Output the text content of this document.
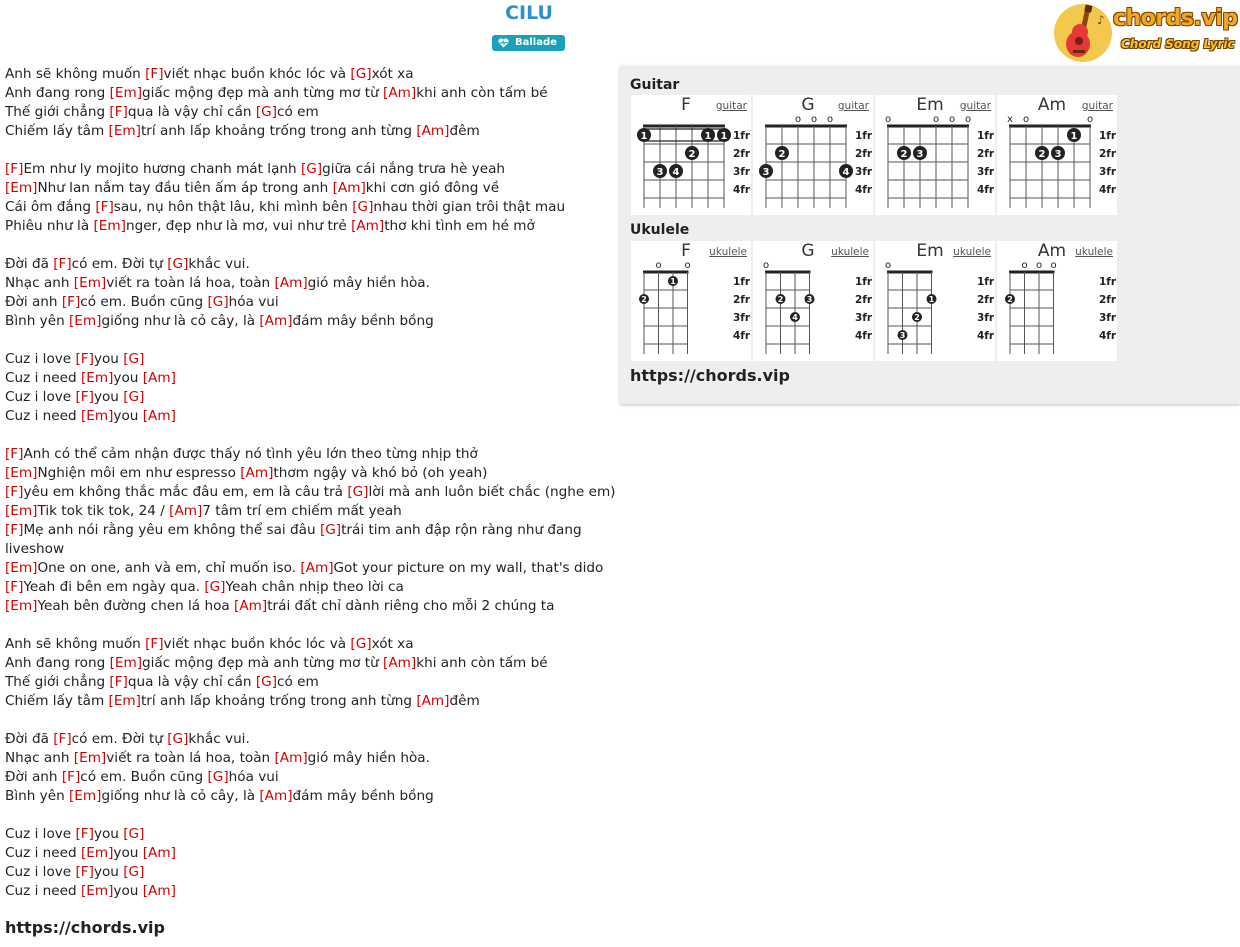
CILU
Ballade
♪ chords.vip
Chord Song Lyric
Anh sẽ không muốn [F]viết nhạc buồn khóc lóc và [G]xót xa
Anh đang rong [Em]giấc mộng đẹp mà anh từng mơ từ [Am]khi anh còn tấm bé
Thế giới chẳng [F]qua là vậy chỉ cần [G]có em
Chiếm lấy tâm [Em]trí anh lấp khoảng trống trong anh từng [Am]đêm
[F]Em như ly mojito hương chanh mát lạnh [G]giữa cái nắng trưa hè yeah
[Em]Như lan nắm tay đầu tiên ấm áp trong anh [Am]khi cơn gió đông về
Cái ôm đắng [F]sau, nụ hôn thật lâu, khi mình bên [G]nhau thời gian trôi thật mau
Phiêu như là [Em]nger, đẹp như là mơ, vui như trẻ [Am]thơ khi tình em hé mở
Đời đã [F]có em. Đời tự [G]khắc vui.
Nhạc anh [Em]viết ra toàn lá hoa, toàn [Am]gió mây hiền hòa.
Đời anh [F]có em. Buồn cũng [G]hóa vui
Bình yên [Em]giống như là cỏ cây, là [Am]đám mây bềnh bồng
Cuz i love [F]you [G]
Cuz i need [Em]you [Am]
Cuz i love [F]you [G]
Cuz i need [Em]you [Am]
[F]Anh có thể cảm nhận được thấy nó tình yêu lớn theo từng nhịp thở
[Em]Nghiện môi em như espresso [Am]thơm ngậy và khó bỏ (oh yeah)
[F]yêu em không thắc mắc đâu em, em là câu trả [G]lời mà anh luôn biết chắc (nghe em)
[Em]Tik tok tik tok, 24 / [Am]7 tâm trí em chiếm mất yeah
[F]Mẹ anh nói rằng yêu em không thể sai đâu [G]trái tim anh đập rộn ràng như đang livesho​w
[Em]One on one, anh và em, chỉ muốn iso. [Am]Got your picture on my wall, that's dido
[F]Yeah đi bên em ngày qua. [G]Yeah chân nhịp theo lời ca
[Em]Yeah bên đường chen lá hoa [Am]trái đất chỉ dành riêng cho mỗi 2 chúng ta
Anh sẽ không muốn [F]viết nhạc buồn khóc lóc và [G]xót xa
Anh đang rong [Em]giấc mộng đẹp mà anh từng mơ từ [Am]khi anh còn tấm bé
Thế giới chẳng [F]qua là vậy chỉ cần [G]có em
Chiếm lấy tâm [Em]trí anh lấp khoảng trống trong anh từng [Am]đêm
Đời đã [F]có em. Đời tự [G]khắc vui.
Nhạc anh [Em]viết ra toàn lá hoa, toàn [Am]gió mây hiền hòa.
Đời anh [F]có em. Buồn cũng [G]hóa vui
Bình yên [Em]giống như là cỏ cây, là [Am]đám mây bềnh bồng
Cuz i love [F]you [G]
Cuz i need [Em]you [Am]
Cuz i love [F]you [G]
Cuz i need [Em]you [Am]
https://chords.vip
Guitar
Ukulele
https://chords.vip
F	guitar
1fr
2fr
3fr
4fr
1	1 1
2
3 4
G	guitar
1fr
2fr
3fr
4fr
o o o
2
3	4
Em	guitar
1fr
2fr
3fr
4fr
o	o o o
2 3
Am	guitar
1fr
2fr
3fr
4fr
x o	o
1
2 3
F	ukulele
1fr
2fr
3fr
4fr
o o
2
1
G	ukulele
1fr
2fr
3fr
4fr
o
2	3
4
Em ukulele
1fr
2fr
3fr
4fr
o
1
2
3
Am ukulele
1fr
2fr
3fr
4fr
o o o
2
